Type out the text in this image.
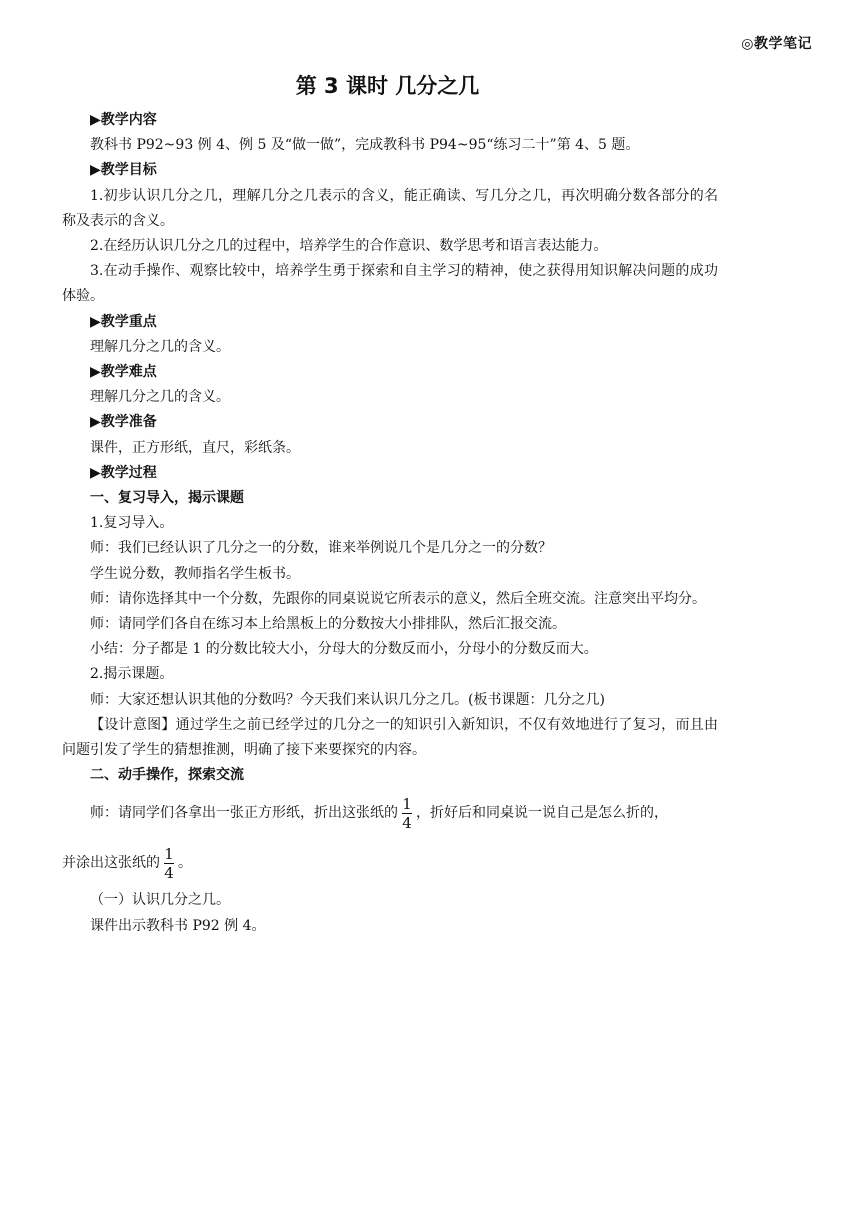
◎教学笔记
第 3 课时 几分之几

▶教学内容

教科书 P92~93 例 4、例 5 及“做一做”，完成教科书 P94~95“练习二十”第 4、5 题。

▶教学目标

1.初步认识几分之几，理解几分之几表示的含义，能正确读、写几分之几，再次明确分数各部分的名称及表示的含义。

2.在经历认识几分之几的过程中，培养学生的合作意识、数学思考和语言表达能力。

3.在动手操作、观察比较中，培养学生勇于探索和自主学习的精神，使之获得用知识解决问题的成功体验。

▶教学重点

理解几分之几的含义。

▶教学难点

理解几分之几的含义。

▶教学准备

课件，正方形纸，直尺，彩纸条。

▶教学过程

一、复习导入，揭示课题

1.复习导入。

师：我们已经认识了几分之一的分数，谁来举例说几个是几分之一的分数？

学生说分数，教师指名学生板书。

师：请你选择其中一个分数，先跟你的同桌说说它所表示的意义，然后全班交流。注意突出平均分。

师：请同学们各自在练习本上给黑板上的分数按大小排排队，然后汇报交流。

小结：分子都是 1 的分数比较大小，分母大的分数反而小，分母小的分数反而大。

2.揭示课题。

师：大家还想认识其他的分数吗？今天我们来认识几分之几。(板书课题：几分之几)

【设计意图】通过学生之前已经学过的几分之一的知识引入新知识，不仅有效地进行了复习，而且由问题引发了学生的猜想推测，明确了接下来要探究的内容。

二、动手操作，探索交流

师：请同学们各拿出一张正方形纸，折出这张纸的 $\frac{1}{4}$ ，折好后和同桌说一说自己是怎么折的，

并涂出这张纸的 $\frac{1}{4}$ 。

（一）认识几分之几。

课件出示教科书 P92 例 4。
